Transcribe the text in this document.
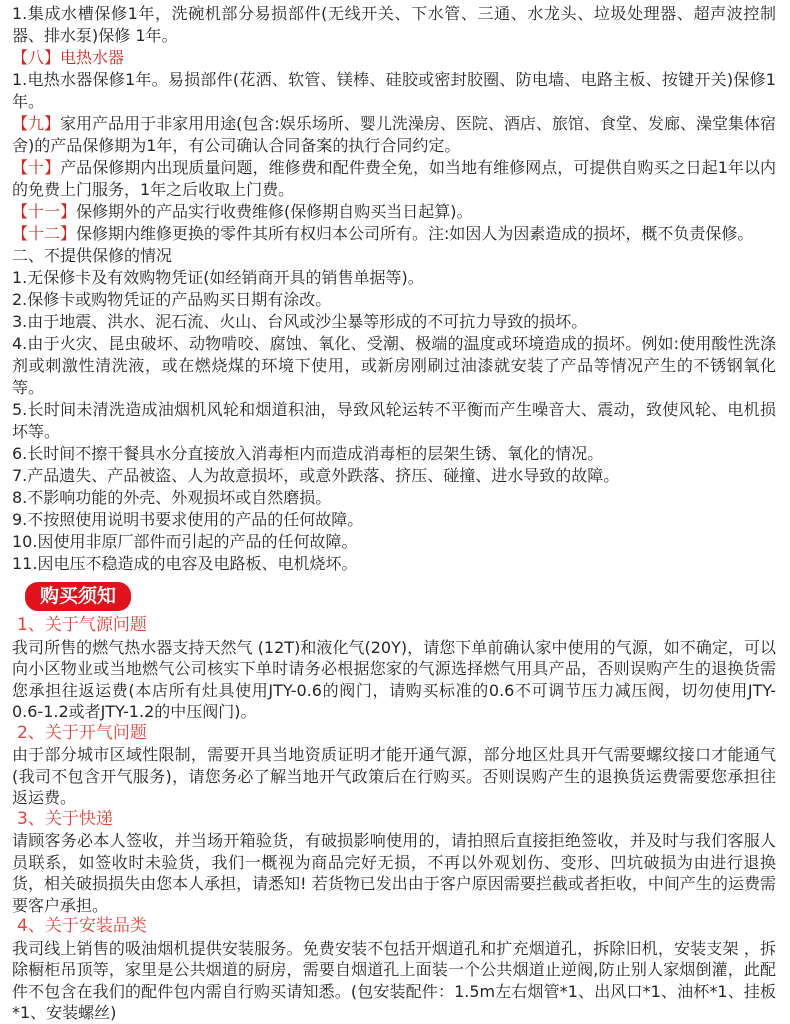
1.集成水槽保修1年，洗碗机部分易损部件(无线开关、下水管、三通、水龙头、垃圾处理器、超声波控制器、排水泵)保修 1年。

【八】电热水器

1.电热水器保修1年。易损部件(花洒、软管、镁棒、硅胶或密封胶圈、防电墙、电路主板、按键开关)保修1年。

【九】家用产品用于非家用用途(包含:娱乐场所、婴儿洗澡房、医院、酒店、旅馆、食堂、发廊、澡堂集体宿舍)的产品保修期为1年，有公司确认合同备案的执行合同约定。

【十】产品保修期内出现质量问题，维修费和配件费全免，如当地有维修网点，可提供自购买之日起1年以内的免费上门服务，1年之后收取上门费。

【十一】保修期外的产品实行收费维修(保修期自购买当日起算)。

【十二】保修期内维修更换的零件其所有权归本公司所有。注:如因人为因素造成的损坏，概不负责保修。

二、不提供保修的情况

1.无保修卡及有效购物凭证(如经销商开具的销售单据等)。

2.保修卡或购物凭证的产品购买日期有涂改。

3.由于地震、洪水、泥石流、火山、台风或沙尘暴等形成的不可抗力导致的损坏。

4.由于火灾、昆虫破坏、动物啃咬、腐蚀、氧化、受潮、极端的温度或环境造成的损坏。例如:使用酸性洗涤剂或刺激性清洗液，或在燃烧煤的环境下使用，或新房刚刷过油漆就安装了产品等情况产生的不锈钢氧化等。

5.长时间未清洗造成油烟机风轮和烟道积油，导致风轮运转不平衡而产生噪音大、震动，致使风轮、电机损坏等。

6.长时间不擦干餐具水分直接放入消毒柜内而造成消毒柜的层架生锈、氧化的情况。

7.产品遗失、产品被盗、人为故意损坏，或意外跌落、挤压、碰撞、进水导致的故障。

8.不影响功能的外壳、外观损坏或自然磨损。

9.不按照使用说明书要求使用的产品的任何故障。

10.因使用非原厂部件而引起的产品的任何故障。

11.因电压不稳造成的电容及电路板、电机烧坏。

购买须知

1、关于气源问题

我司所售的燃气热水器支持天然气 (12T)和液化气(20Y)，请您下单前确认家中使用的气源，如不确定，可以向小区物业或当地燃气公司核实下单时请务必根据您家的气源选择燃气用具产品，否则误购产生的退换货需您承担往返运费(本店所有灶具使用JTY-0.6的阀门，请购买标准的0.6不可调节压力减压阀，切勿使用JTY-0.6-1.2或者JTY-1.2的中压阀门)。

2、关于开气问题

由于部分城市区域性限制，需要开具当地资质证明才能开通气源，部分地区灶具开气需要螺纹接口才能通气(我司不包含开气服务)，请您务必了解当地开气政策后在行购买。否则误购产生的退换货运费需要您承担往返运费。

3、关于快递

请顾客务必本人签收，并当场开箱验货，有破损影响使用的，请拍照后直接拒绝签收，并及时与我们客服人员联系，如签收时未验货，我们一概视为商品完好无损，不再以外观划伤、变形、凹坑破损为由进行退换货，相关破损损失由您本人承担，请悉知! 若货物已发出由于客户原因需要拦截或者拒收，中间产生的运费需要客户承担。

4、关于安装品类

我司线上销售的吸油烟机提供安装服务。免费安装不包括开烟道孔和扩充烟道孔，拆除旧机，安装支架 ，拆除橱柜吊顶等，家里是公共烟道的厨房，需要自烟道孔上面装一个公共烟道止逆阀,防止别人家烟倒灌，此配件不包含在我们的配件包内需自行购买请知悉。(包安装配件：1.5m左右烟管*1、出风口*1、油杯*1、挂板*1、安装螺丝)
